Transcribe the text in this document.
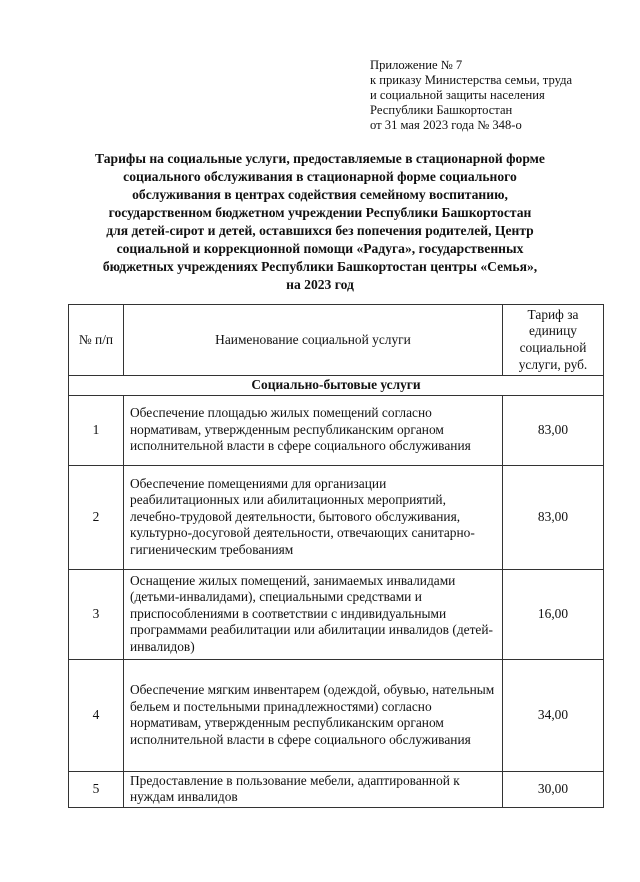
Приложение № 7
к приказу Министерства семьи, труда
и социальной защиты населения
Республики Башкортостан
от 31 мая 2023 года № 348-о
Тарифы на социальные услуги, предоставляемые в стационарной форме
социального обслуживания в стационарной форме социального
обслуживания в центрах содействия семейному воспитанию,
государственном бюджетном учреждении Республики Башкортостан
для детей-сирот и детей, оставшихся без попечения родителей, Центр
социальной и коррекционной помощи «Радуга», государственных
бюджетных учреждениях Республики Башкортостан центры «Семья»,
на 2023 год
№ п/п	Наименование социальной услуги	Тариф за единицу социальной услуги, руб.
Социально-бытовые услуги		
1	Обеспечение площадью жилых помещений согласно нормативам, утвержденным республиканским органом исполнительной власти в сфере социального обслуживания	83,00
2	Обеспечение помещениями для организации реабилитационных или абилитационных мероприятий, лечебно-трудовой деятельности, бытового обслуживания, культурно-досуговой деятельности, отвечающих санитарно-гигиеническим требованиям	83,00
3	Оснащение жилых помещений, занимаемых инвалидами (детьми-инвалидами), специальными средствами и приспособлениями в соответствии с индивидуальными программами реабилитации или абилитации инвалидов (детей-инвалидов)	16,00
4	Обеспечение мягким инвентарем (одеждой, обувью, нательным бельем и постельными принадлежностями) согласно нормативам, утвержденным республиканским органом исполнительной власти в сфере социального обслуживания	34,00
5	Предоставление в пользование мебели, адаптированной к нуждам инвалидов	30,00
